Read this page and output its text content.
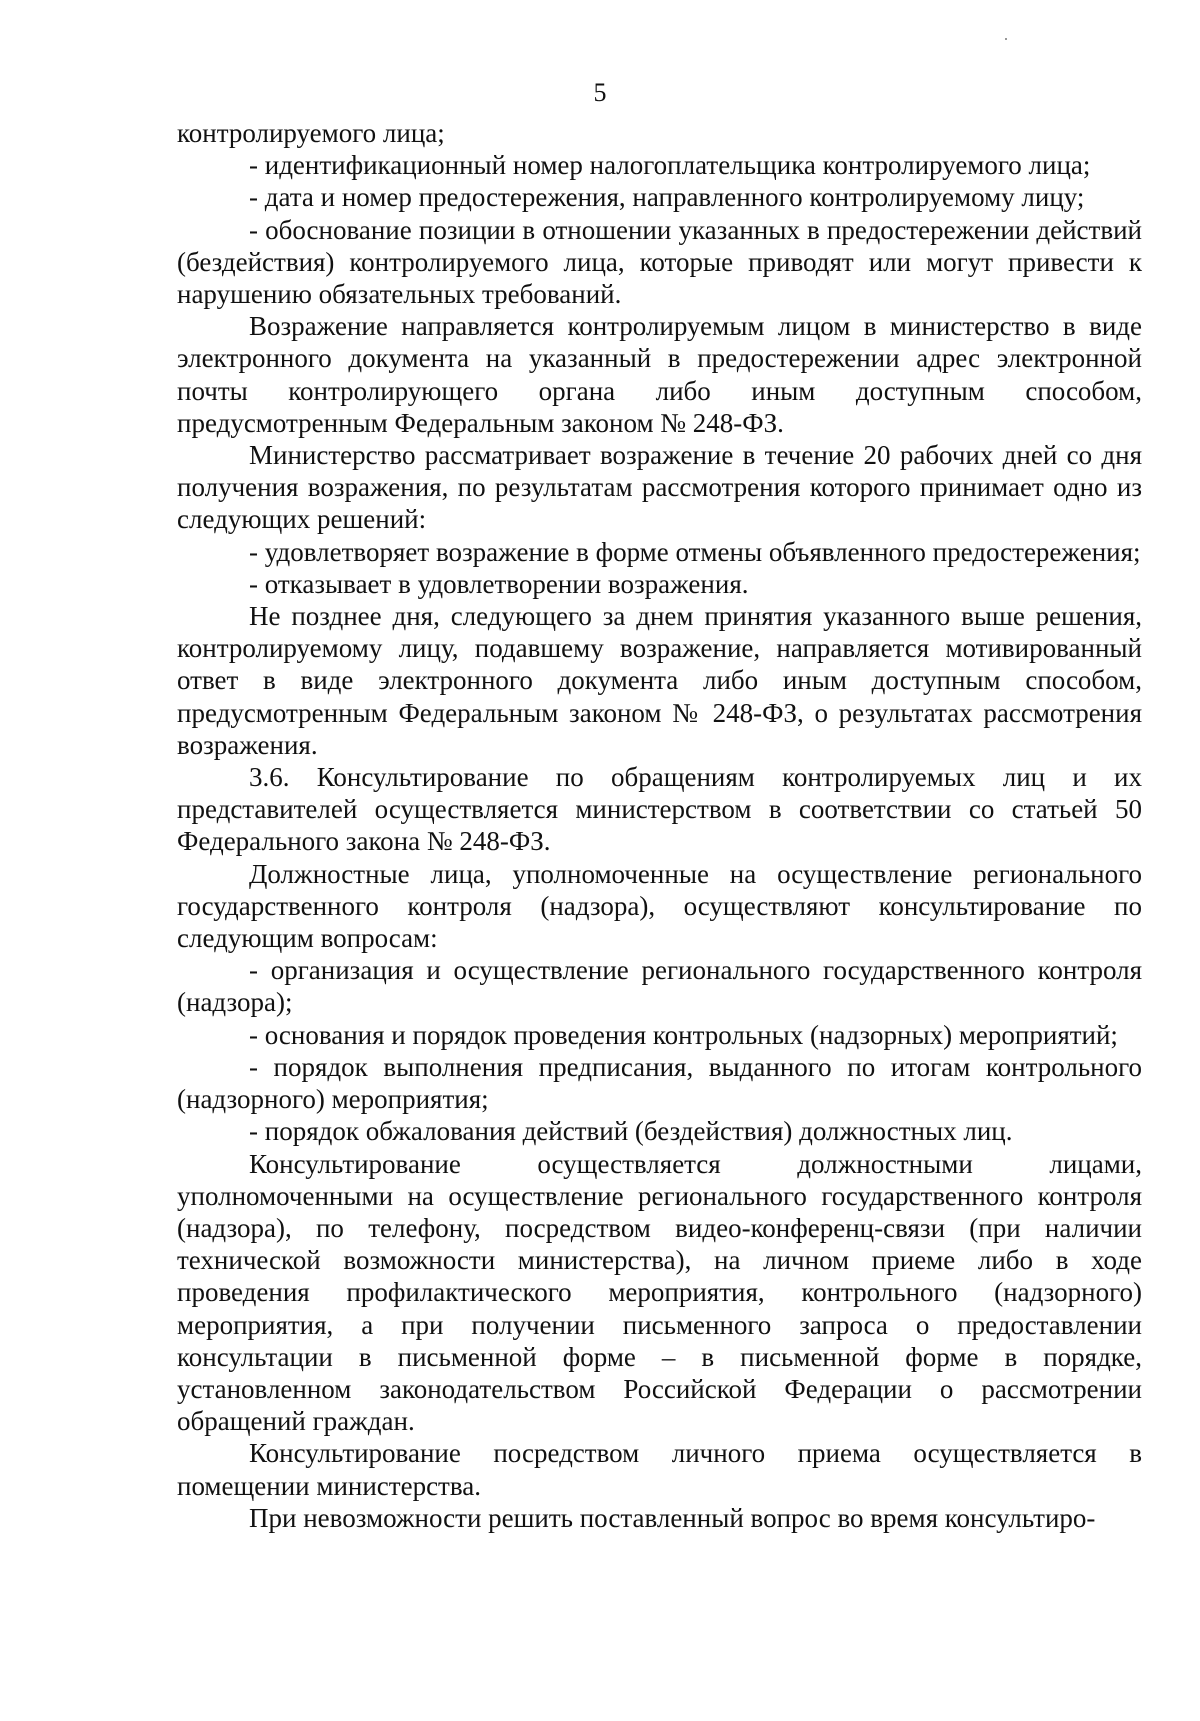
5

контролируемого лица;

- идентификационный номер налогоплательщика контролируемого лица;

- дата и номер предостережения, направленного контролируемому лицу;

- обоснование позиции в отношении указанных в предостережении действий (бездействия) контролируемого лица, которые приводят или могут привести к нарушению обязательных требований.

Возражение направляется контролируемым лицом в министерство в виде электронного документа на указанный в предостережении адрес электронной почты контролирующего органа либо иным доступным способом, предусмотренным Федеральным законом № 248-ФЗ.

Министерство рассматривает возражение в течение 20 рабочих дней со дня получения возражения, по результатам рассмотрения которого принимает одно из следующих решений:

- удовлетворяет возражение в форме отмены объявленного предостережения;

- отказывает в удовлетворении возражения.

Не позднее дня, следующего за днем принятия указанного выше решения, контролируемому лицу, подавшему возражение, направляется мотивированный ответ в виде электронного документа либо иным доступным способом, предусмотренным Федеральным законом № 248-ФЗ, о результатах рассмотрения возражения.

3.6. Консультирование по обращениям контролируемых лиц и их представителей осуществляется министерством в соответствии со статьей 50 Федерального закона № 248-ФЗ.

Должностные лица, уполномоченные на осуществление регионального государственного контроля (надзора), осуществляют консультирование по следующим вопросам:

- организация и осуществление регионального государственного контроля (надзора);

- основания и порядок проведения контрольных (надзорных) мероприятий;

- порядок выполнения предписания, выданного по итогам контрольного (надзорного) мероприятия;

- порядок обжалования действий (бездействия) должностных лиц.

Консультирование осуществляется должностными лицами, уполномоченными на осуществление регионального государственного контроля (надзора), по телефону, посредством видео-конференц-связи (при наличии технической возможности министерства), на личном приеме либо в ходе проведения профилактического мероприятия, контрольного (надзорного) мероприятия, а при получении письменного запроса о предоставлении консультации в письменной форме – в письменной форме в порядке, установленном законодательством Российской Федерации о рассмотрении обращений граждан.

Консультирование посредством личного приема осуществляется в помещении министерства.

При невозможности решить поставленный вопрос во время консультиро-
